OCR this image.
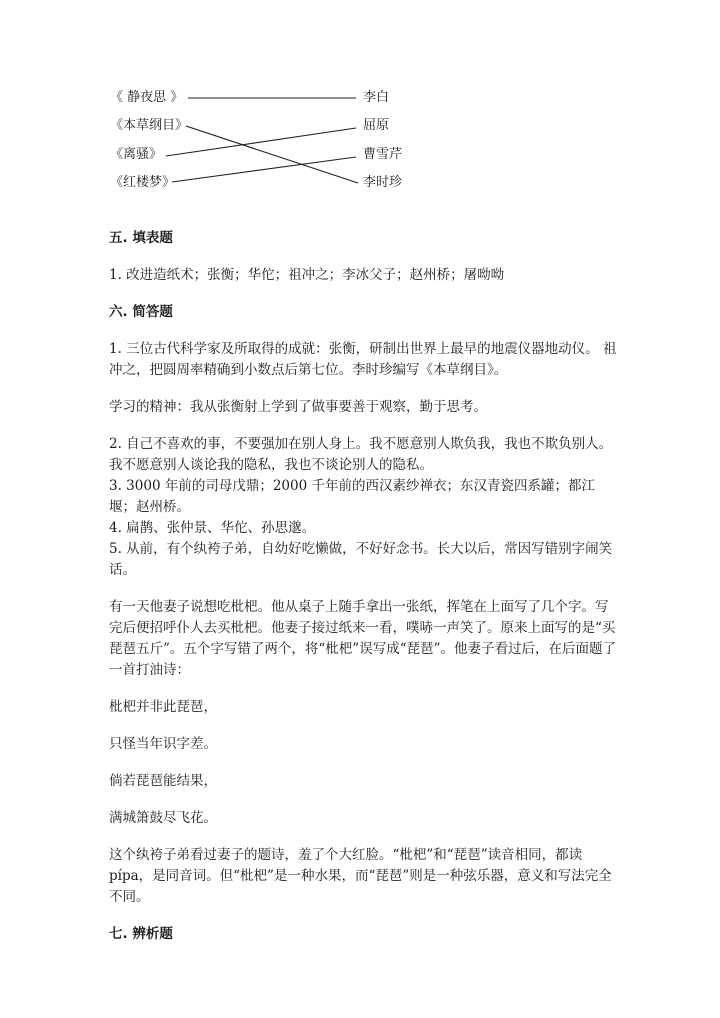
《 静夜思 》
《本草纲目》
《离骚》
《红楼梦》
李白
屈原
曹雪芹
李时珍
五. 填表题
1. 改进造纸术；张衡；华佗；祖冲之；李冰父子；赵州桥；屠呦呦
六. 简答题
1. 三位古代科学家及所取得的成就：张衡，研制出世界上最早的地震仪器地动仪。 祖冲之，把圆周率精确到小数点后第七位。李时珍编写《本草纲目》。
学习的精神：我从张衡射上学到了做事要善于观察，勤于思考。
2. 自己不喜欢的事，不要强加在别人身上。我不愿意别人欺负我，我也不欺负别人。我不愿意别人谈论我的隐私，我也不谈论别人的隐私。
3. 3000 年前的司母戊鼎；2000 千年前的西汉素纱禅衣；东汉青瓷四系罐；都江堰；赵州桥。
4. 扁鹊、张仲景、华佗、孙思邈。
5. 从前，有个纨袴子弟，自幼好吃懒做，不好好念书。长大以后，常因写错别字闹笑话。
有一天他妻子说想吃枇杷。他从桌子上随手拿出一张纸，挥笔在上面写了几个字。写完后便招呼仆人去买枇杷。他妻子接过纸来一看，噗哧一声笑了。原来上面写的是“买琵琶五斤”。五个字写错了两个，将“枇杷”误写成“琵琶”。他妻子看过后，在后面题了一首打油诗：
枇杷并非此琵琶，
只怪当年识字差。
倘若琵琶能结果，
满城箫鼓尽飞花。
这个纨袴子弟看过妻子的题诗，羞了个大红脸。“枇杷”和“琵琶”读音相同，都读 pípa，是同音词。但“枇杷”是一种水果，而“琵琶”则是一种弦乐器，意义和写法完全不同。
七. 辨析题
